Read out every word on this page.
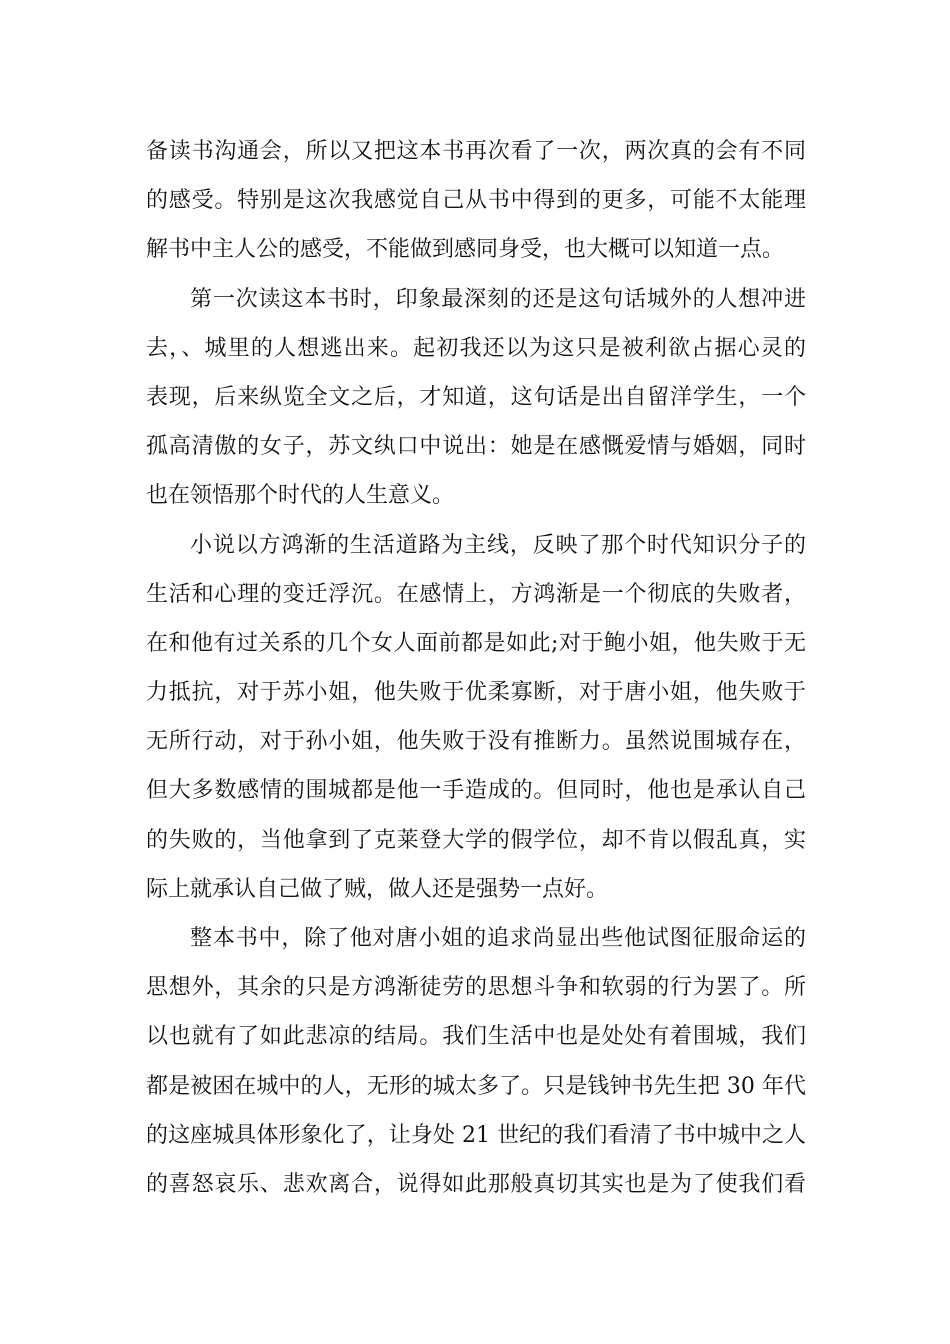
备读书沟通会，所以又把这本书再次看了一次，两次真的会有不同
的感受。特别是这次我感觉自己从书中得到的更多，可能不太能理
解书中主人公的感受，不能做到感同身受，也大概可以知道一点。
第一次读这本书时，印象最深刻的还是这句话城外的人想冲进
去，、城里的人想逃出来。起初我还以为这只是被利欲占据心灵的
表现，后来纵览全文之后，才知道，这句话是出自留洋学生，一个
孤高清傲的女子，苏文纨口中说出：她是在感慨爱情与婚姻，同时
也在领悟那个时代的人生意义。
小说以方鸿渐的生活道路为主线，反映了那个时代知识分子的
生活和心理的变迁浮沉。在感情上，方鸿渐是一个彻底的失败者，
在和他有过关系的几个女人面前都是如此;对于鲍小姐，他失败于无
力抵抗，对于苏小姐，他失败于优柔寡断，对于唐小姐，他失败于
无所行动，对于孙小姐，他失败于没有推断力。虽然说围城存在，
但大多数感情的围城都是他一手造成的。但同时，他也是承认自己
的失败的，当他拿到了克莱登大学的假学位，却不肯以假乱真，实
际上就承认自己做了贼，做人还是强势一点好。
整本书中，除了他对唐小姐的追求尚显出些他试图征服命运的
思想外，其余的只是方鸿渐徒劳的思想斗争和软弱的行为罢了。所
以也就有了如此悲凉的结局。我们生活中也是处处有着围城，我们
都是被困在城中的人，无形的城太多了。只是钱钟书先生把 30 年代
的这座城具体形象化了，让身处 21 世纪的我们看清了书中城中之人
的喜怒哀乐、悲欢离合，说得如此那般真切其实也是为了使我们看
